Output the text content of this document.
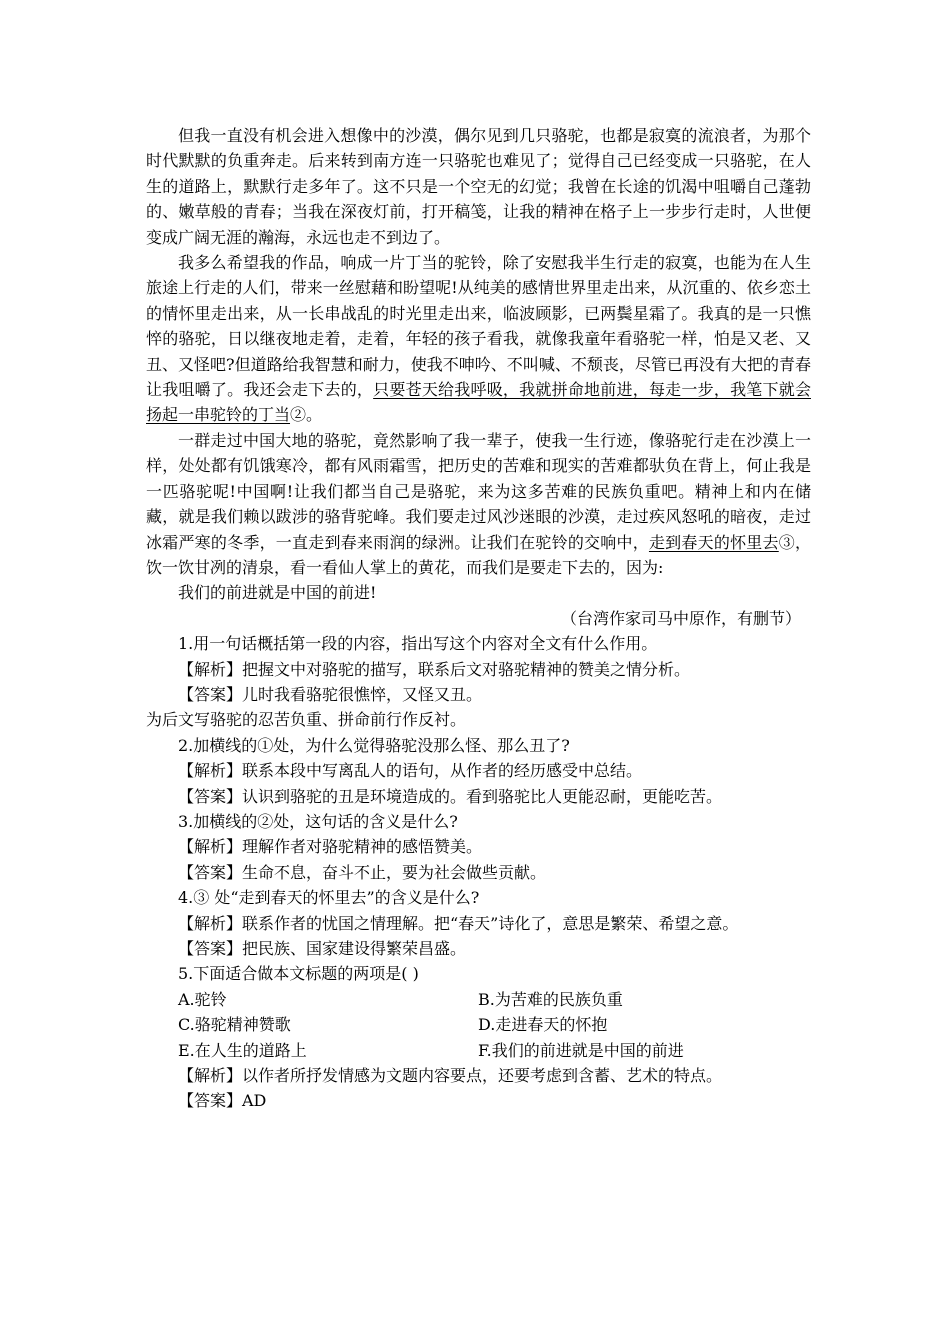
但我一直没有机会进入想像中的沙漠，偶尔见到几只骆驼，也都是寂寞的流浪者，为那个时代默默的负重奔走。后来转到南方连一只骆驼也难见了；觉得自己已经变成一只骆驼，在人生的道路上，默默行走多年了。这不只是一个空无的幻觉；我曾在长途的饥渴中咀嚼自己蓬勃的、嫩草般的青春；当我在深夜灯前，打开稿笺，让我的精神在格子上一步步行走时，人世便变成广阔无涯的瀚海，永远也走不到边了。

我多么希望我的作品，响成一片丁当的驼铃，除了安慰我半生行走的寂寞，也能为在人生旅途上行走的人们，带来一丝慰藉和盼望呢!从纯美的感情世界里走出来，从沉重的、依乡恋土的情怀里走出来，从一长串战乱的时光里走出来，临波顾影，已两鬓星霜了。我真的是一只憔悴的骆驼，日以继夜地走着，走着，年轻的孩子看我，就像我童年看骆驼一样，怕是又老、又丑、又怪吧?但道路给我智慧和耐力，使我不呻吟、不叫喊、不颓丧，尽管已再没有大把的青春让我咀嚼了。我还会走下去的，只要苍天给我呼吸，我就拼命地前进，每走一步，我笔下就会扬起一串驼铃的丁当②。

一群走过中国大地的骆驼，竟然影响了我一辈子，使我一生行迹，像骆驼行走在沙漠上一样，处处都有饥饿寒冷，都有风雨霜雪，把历史的苦难和现实的苦难都驮负在背上，何止我是一匹骆驼呢!中国啊!让我们都当自己是骆驼，来为这多苦难的民族负重吧。精神上和内在储藏，就是我们赖以跋涉的骆背驼峰。我们要走过风沙迷眼的沙漠，走过疾风怒吼的暗夜，走过冰霜严寒的冬季，一直走到春来雨润的绿洲。让我们在驼铃的交响中，走到春天的怀里去③，饮一饮甘冽的清泉，看一看仙人掌上的黄花，而我们是要走下去的，因为:

我们的前进就是中国的前进!

（台湾作家司马中原作，有删节）

1.用一句话概括第一段的内容，指出写这个内容对全文有什么作用。

【解析】把握文中对骆驼的描写，联系后文对骆驼精神的赞美之情分析。

【答案】儿时我看骆驼很憔悴，又怪又丑。

为后文写骆驼的忍苦负重、拼命前行作反衬。

2.加横线的①处，为什么觉得骆驼没那么怪、那么丑了?

【解析】联系本段中写离乱人的语句，从作者的经历感受中总结。

【答案】认识到骆驼的丑是环境造成的。看到骆驼比人更能忍耐，更能吃苦。

3.加横线的②处，这句话的含义是什么?

【解析】理解作者对骆驼精神的感悟赞美。

【答案】生命不息，奋斗不止，要为社会做些贡献。

4.③ 处“走到春天的怀里去”的含义是什么?

【解析】联系作者的忧国之情理解。把“春天”诗化了，意思是繁荣、希望之意。

【答案】把民族、国家建设得繁荣昌盛。

5.下面适合做本文标题的两项是( )

A.驼铃	B.为苦难的民族负重
C.骆驼精神赞歌	D.走进春天的怀抱
E.在人生的道路上	F.我们的前进就是中国的前进

【解析】以作者所抒发情感为文题内容要点，还要考虑到含蓄、艺术的特点。

【答案】AD
